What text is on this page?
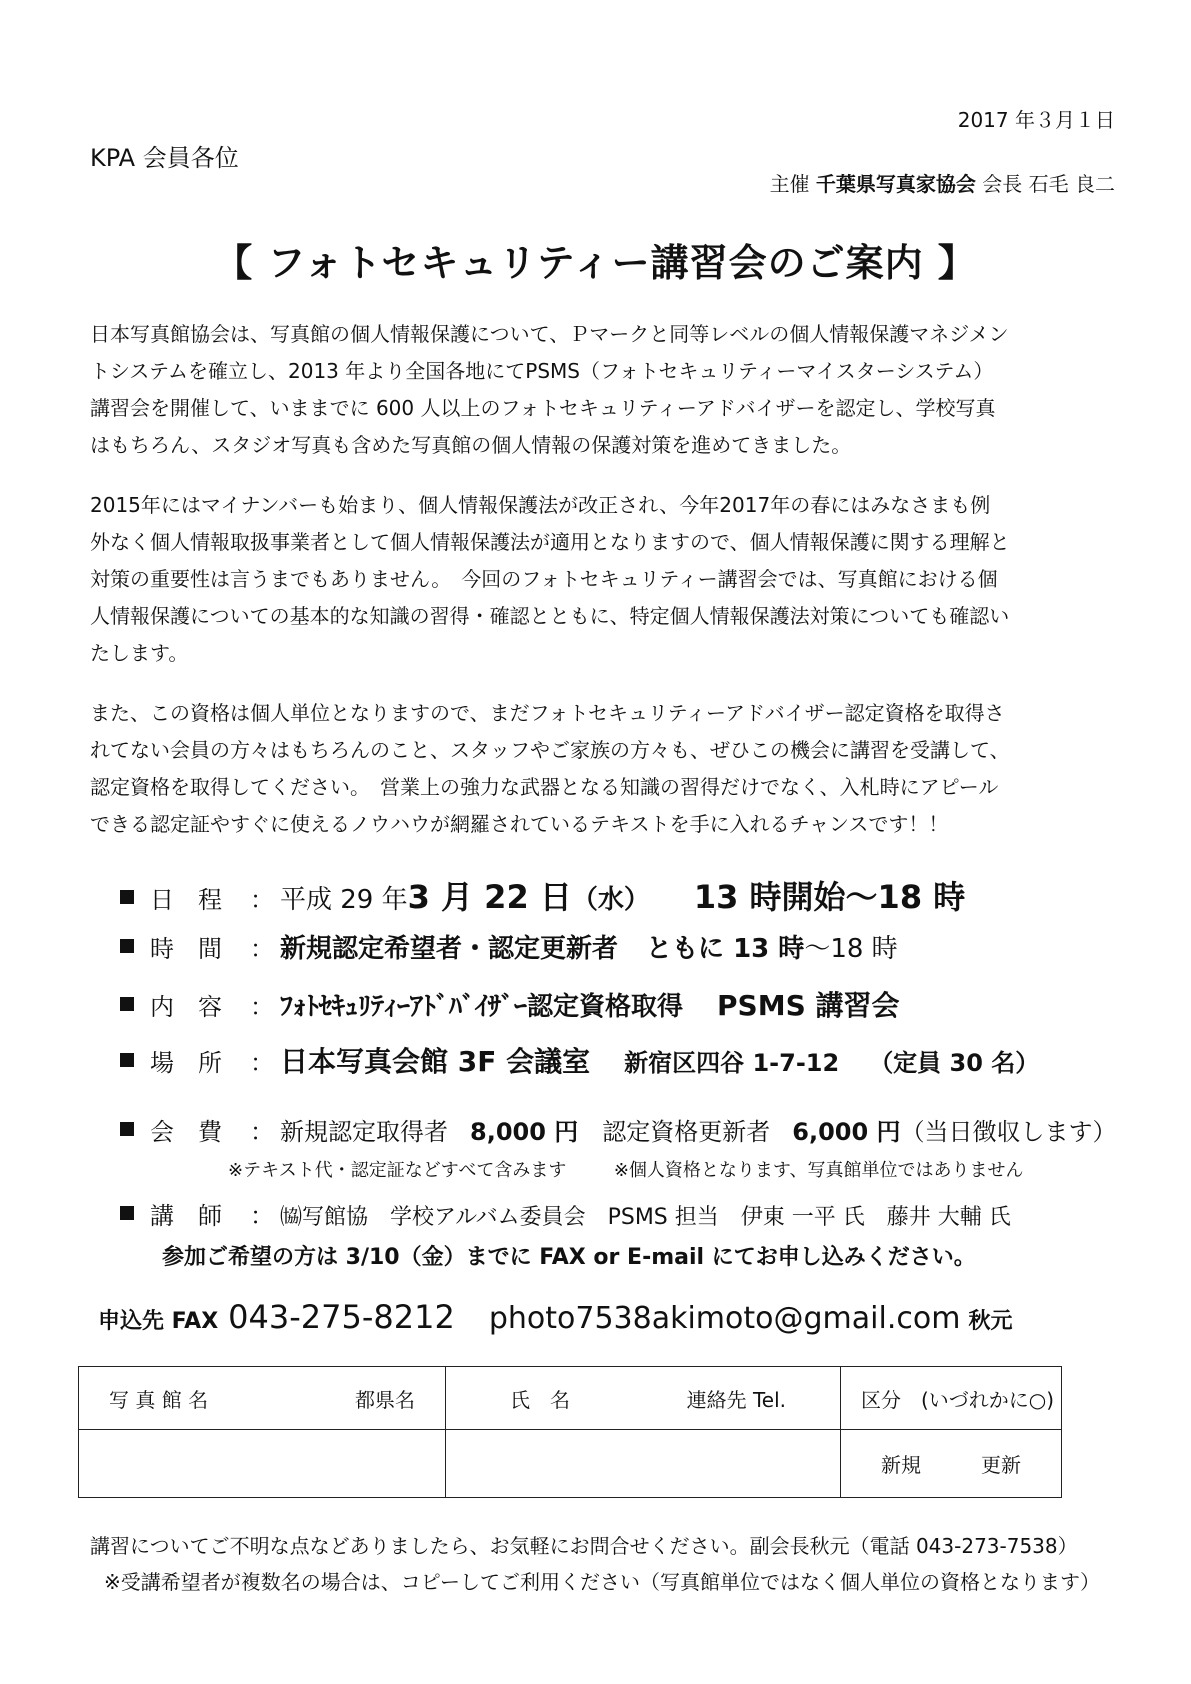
2017 年３月１日
KPA 会員各位
主催 千葉県写真家協会 会長 石毛 良二
【 フォトセキュリティー講習会のご案内 】
日本写真館協会は、写真館の個人情報保護について、Ｐマークと同等レベルの個人情報保護マネジメン
トシステムを確立し、2013 年より全国各地にてPSMS（フォトセキュリティーマイスターシステム）
講習会を開催して、いままでに 600 人以上のフォトセキュリティーアドバイザーを認定し、学校写真
はもちろん、スタジオ写真も含めた写真館の個人情報の保護対策を進めてきました。
2015年にはマイナンバーも始まり、個人情報保護法が改正され、今年2017年の春にはみなさまも例
外なく個人情報取扱事業者として個人情報保護法が適用となりますので、個人情報保護に関する理解と
対策の重要性は言うまでもありません。　今回のフォトセキュリティー講習会では、写真館における個
人情報保護についての基本的な知識の習得・確認とともに、特定個人情報保護法対策についても確認い
たします。
また、この資格は個人単位となりますので、まだフォトセキュリティーアドバイザー認定資格を取得さ
れてない会員の方々はもちろんのこと、スタッフやご家族の方々も、ぜひこの機会に講習を受講して、
認定資格を取得してください。　営業上の強力な武器となる知識の習得だけでなく、入札時にアピール
できる認定証やすぐに使えるノウハウが網羅されているテキストを手に入れるチャンスです！！
日　程	： 平成 29 年 3 月 22 日 （水） 13 時開始～18 時
時　間	： 新規認定希望者・認定更新者 ともに 13 時 ～18 時
内　容	： ﾌｫﾄｾｷｭﾘﾃｨｰｱﾄﾞﾊﾞｲｻﾞｰ認定資格取得 PSMS 講習会
場　所	： 日本写真会館 3F 会議室 新宿区四谷 1-7-12 （定員 30 名）
会　費	： 新規認定取得者 8,000 円 認定資格更新者 6,000 円 （当日徴収します）
※テキスト代・認定証などすべて含みます	※個人資格となります、写真館単位ではありません
講　師	： ㈿写館協　学校アルバム委員会　PSMS 担当　伊東 一平 氏　藤井 大輔 氏
参加ご希望の方は 3/10（金）までに FAX or E-mail にてお申し込みください。
申込先 FAX 043-275-8212 photo7538akimoto@gmail.com 秋元
写 真 館 名 都県名	氏　名 連絡先 Tel.	区分　(いづれかに○)

		新規 更新
講習についてご不明な点などありましたら、お気軽にお問合せください。副会長秋元（電話 043-273-7538）
※受講希望者が複数名の場合は、コピーしてご利用ください（写真館単位ではなく個人単位の資格となります）
